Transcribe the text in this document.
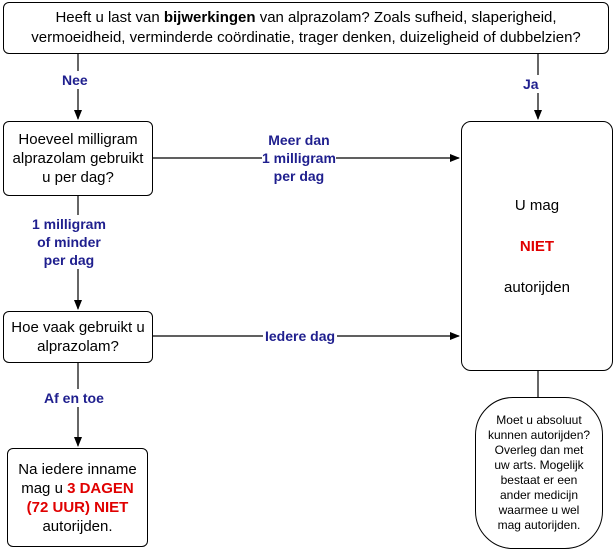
Heeft u last van bijwerkingen van alprazolam? Zoals sufheid, slaperigheid, vermoeidheid, verminderde coördinatie, trager denken, duizeligheid of dubbelzien?
Nee	Ja
Hoeveel milligram alprazolam gebruikt u per dag?
Meer dan
1 milligram
per dag
1 milligram
of minder
per dag
Hoe vaak gebruikt u alprazolam?
Iedere dag
Af en toe
Na iedere inname mag u 3 DAGEN (72 UUR) NIET autorijden.
U mag
NIET
autorijden
Moet u absoluut kunnen autorijden? Overleg dan met uw arts. Mogelijk bestaat er een ander medicijn waarmee u wel mag autorijden.
